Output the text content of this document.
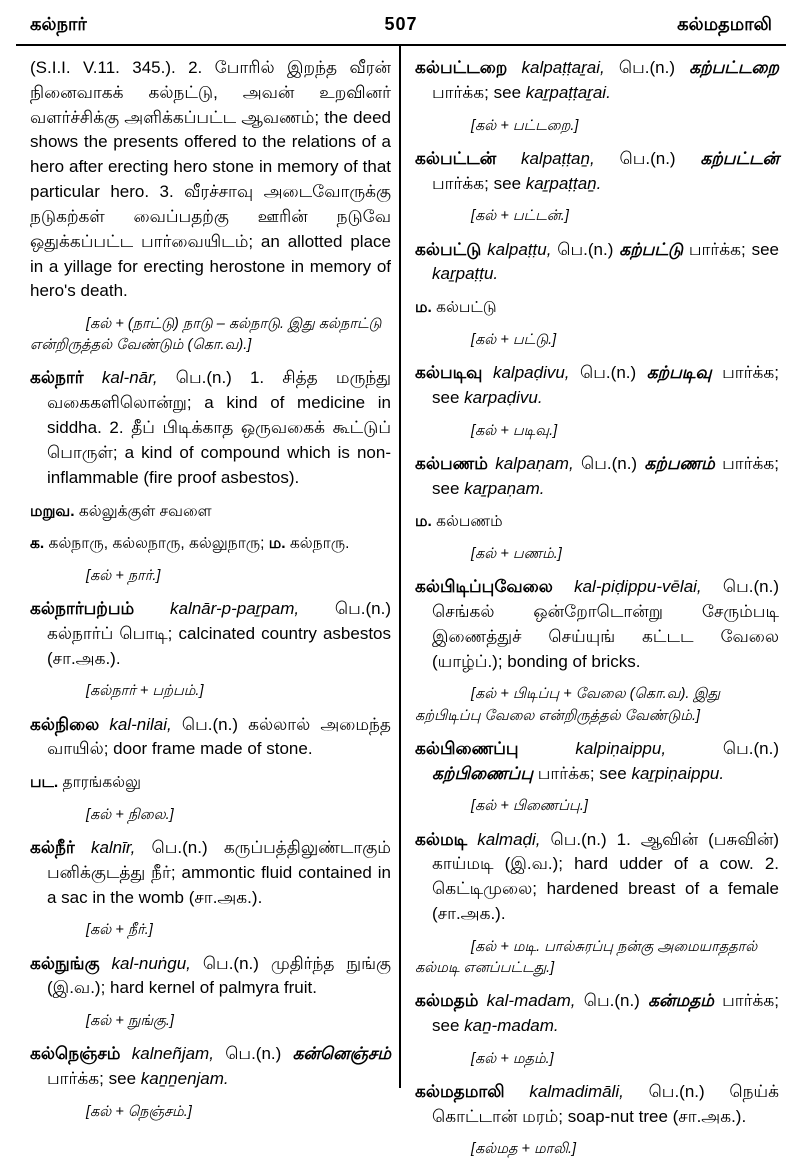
கல்நார்	507	கல்மதமாலி

(S.I.I. V.11. 345.). 2. போரில் இறந்த வீரன் நினைவாகக் கல்நட்டு, அவன் உறவினர் வளர்ச்சிக்கு அளிக்கப்பட்ட ஆவணம்; the deed shows the presents offered to the relations of a hero after erecting hero stone in memory of that particular hero. 3. வீரச்சாவு அடைவோருக்கு நடுகற்கள் வைப்பதற்கு ஊரின் நடுவே ஒதுக்கப்பட்ட பார்வையிடம்; an allotted place in a yillage for erecting herostone in memory of hero's death.

[கல் + (நாட்டு) நாடு – கல்நாடு. இது கல்நாட்டு என்றிருத்தல் வேண்டும் (கொ.வ).]

கல்நார் kal-nār, பெ.(n.) 1. சித்த மருந்து வகைகளிலொன்று; a kind of medicine in siddha. 2. தீப் பிடிக்காத ஒருவகைக் கூட்டுப் பொருள்; a kind of compound which is non-inflammable (fire proof asbestos).

மறுவ. கல்லுக்குள் சவளை

க. கல்நாரு, கல்லநாரு, கல்லுநாரு; ம. கல்நாரு.

[கல் + நார்.]

கல்நார்பற்பம் kalnār-p-paṟpam, பெ.(n.) கல்நார்ப் பொடி; calcinated country asbestos (சா.அக.).

[கல்நார் + பற்பம்.]

கல்நிலை kal-nilai, பெ.(n.) கல்லால் அமைந்த வாயில்; door frame made of stone.

பட. தாரங்கல்லு

[கல் + நிலை.]

கல்நீர் kalnīr, பெ.(n.) கருப்பத்திலுண்டாகும் பனிக்குடத்து நீர்; ammontic fluid contained in a sac in the womb (சா.அக.).

[கல் + நீர்.]

கல்நுங்கு kal-nuṅgu, பெ.(n.) முதிர்ந்த நுங்கு (இ.வ.); hard kernel of palmyra fruit.

[கல் + நுங்கு.]

கல்நெஞ்சம் kalneñjam, பெ.(n.) கன்னெஞ்சம் பார்க்க; see kaṉṉenjam.

[கல் + நெஞ்சம்.]

கல்பட்டறை kalpaṭṭaṟai, பெ.(n.) கற்பட்டறை பார்க்க; see kaṟpaṭṭaṟai.

[கல் + பட்டறை.]

கல்பட்டன் kalpaṭṭaṉ, பெ.(n.) கற்பட்டன் பார்க்க; see kaṟpaṭṭaṉ.

[கல் + பட்டன்.]

கல்பட்டு kalpaṭṭu, பெ.(n.) கற்பட்டு பார்க்க; see kaṟpaṭṭu.

ம. கல்பட்டு

[கல் + பட்டு.]

கல்படிவு kalpaḍivu, பெ.(n.) கற்படிவு பார்க்க; see karpaḍivu.

[கல் + படிவு.]

கல்பணம் kalpaṇam, பெ.(n.) கற்பணம் பார்க்க; see kaṟpaṇam.

ம. கல்பணம்

[கல் + பணம்.]

கல்பிடிப்புவேலை kal-piḍippu-vēlai, பெ.(n.) செங்கல் ஒன்றோடொன்று சேரும்படி இணைத்துச் செய்யுங் கட்டட வேலை (யாழ்ப்.); bonding of bricks.

[கல் + பிடிப்பு + வேலை (கொ.வ). இது கற்பிடிப்பு வேலை என்றிருத்தல் வேண்டும்.]

கல்பிணைப்பு kalpiṇaippu, பெ.(n.) கற்பிணைப்பு பார்க்க; see kaṟpiṇaippu.

[கல் + பிணைப்பு.]

கல்மடி kalmaḍi, பெ.(n.) 1. ஆவின் (பசுவின்) காய்மடி (இ.வ.); hard udder of a cow. 2. கெட்டிமுலை; hardened breast of a female (சா.அக.).

[கல் + மடி. பால்சுரப்பு நன்கு அமையாததால் கல்மடி எனப்பட்டது.]

கல்மதம் kal-madam, பெ.(n.) கன்மதம் பார்க்க; see kaṉ-madam.

[கல் + மதம்.]

கல்மதமாலி kalmadimāli, பெ.(n.) நெய்க் கொட்டான் மரம்; soap-nut tree (சா.அக.).

[கல்மத + மாலி.]
